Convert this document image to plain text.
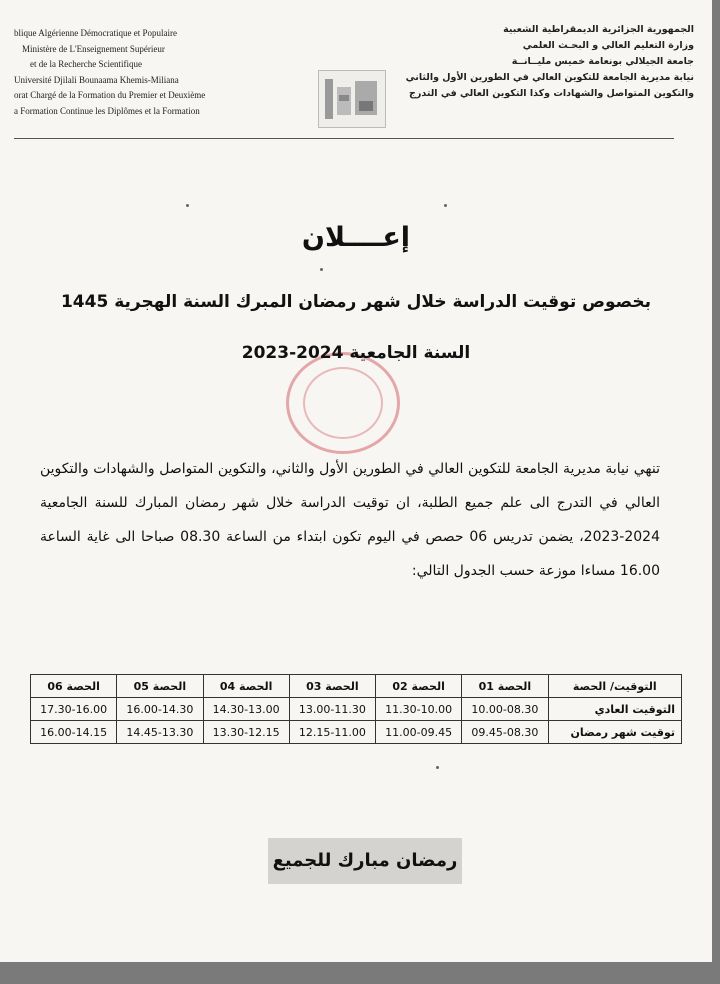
blique Algérienne Démocratique et Populaire
Ministère de L'Enseignement Supérieur
et de la Recherche Scientifique
Université Djilali Bounaama Khemis-Miliana
orat Chargé de la Formation du Premier et Deuxième
a Formation Continue les Diplômes et la Formation
الجمهورية الجزائرية الديمقراطية الشعبية
وزارة التعليم العالي و البحـث العلمي
جامعة الجيلالي بونعامة خميس مليــانــة
نيابة مديرية الجامعة للتكوين العالي في الطورين الأول والثاني
والتكوين المتواصل والشهادات وكذا التكوين العالي في التدرج
إعــــلان
بخصوص توقيت الدراسة خلال شهر رمضان المبرك السنة الهجرية 1445
السنة الجامعية 2024-2023
تنهي نيابة مديرية الجامعة للتكوين العالي في الطورين الأول والثاني، والتكوين المتواصل والشهادات والتكوين العالي في التدرج الى علم جميع الطلبة، ان توقيت الدراسة خلال شهر رمضان المبارك للسنة الجامعية 2024-2023، يضمن تدريس 06 حصص في اليوم تكون ابتداء من الساعة 08.30 صباحا الى غاية الساعة 16.00 مساءا موزعة حسب الجدول التالي:
التوقيت/ الحصة	الحصة 01	الحصة 02	الحصة 03	الحصة 04	الحصة 05	الحصة 06
التوقيت العادي	10.00-08.30	11.30-10.00	13.00-11.30	14.30-13.00	16.00-14.30	17.30-16.00
توقيت شهر رمضان	09.45-08.30	11.00-09.45	12.15-11.00	13.30-12.15	14.45-13.30	16.00-14.15
رمضان مبارك للجميع
